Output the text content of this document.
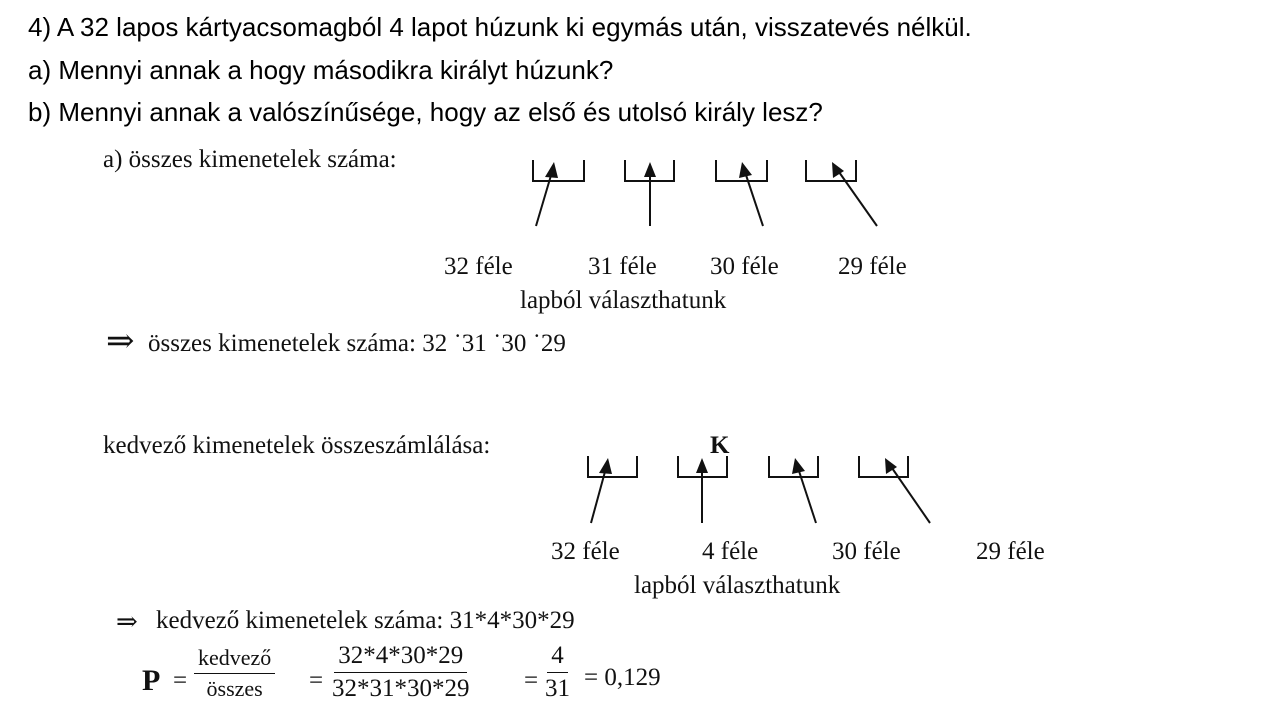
4) A 32 lapos kártyacsomagból 4 lapot húzunk ki egymás után, visszatevés nélkül.
a) Mennyi annak a hogy másodikra királyt húzunk?
b) Mennyi annak a valószínűsége, hogy az első és utolsó király lesz?
a) összes kimenetelek száma:
32 féle	31 féle 30 féle 29 féle
lapból választhatunk
⇒ összes kimenetelek száma: 32 ˙31 ˙30 ˙29
kedvező kimenetelek összeszámlálása:	K
32 féle	4 féle	30 féle	29 féle
lapból választhatunk
⇒ kedvező kimenetelek száma: 31*4*30*29
P =
kedvező
összes = $\frac{32*4*30*29}{32*31*30*29} = \frac{4}{31} = 0,129$
